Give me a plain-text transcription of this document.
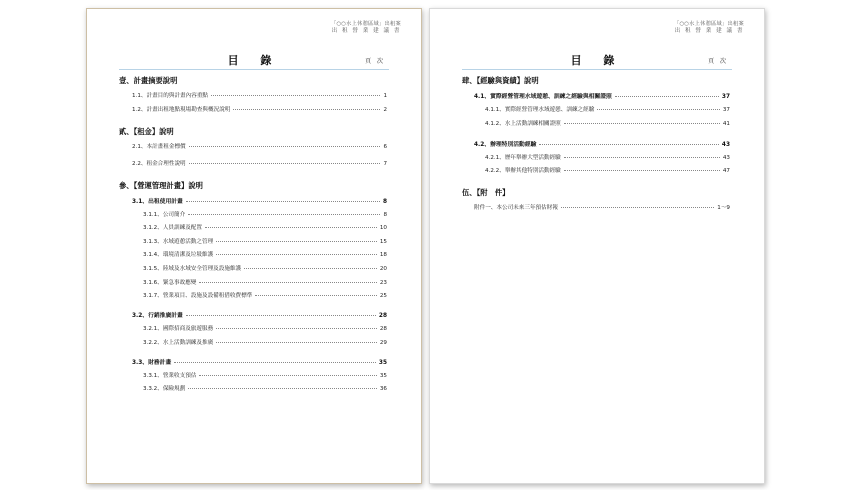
「○○水上休憩區域」出租案
出 租 營 業 建 議 書
目 錄	頁 次
壹、計畫摘要說明
1.1、計畫目的與計畫內容重點	1
1.2、計畫出租地點現場勘查與概況說明	2
貳、【租金】說明
2.1、本計畫租金標價	6
2.2、租金合理性說明	7
參、【營運管理計畫】說明
3.1、出租使用計畫	8
3.1.1、公司簡介	8
3.1.2、人員訓練及配置	10
3.1.3、水域遊憩活動之管理	15
3.1.4、環境清潔及垃圾維護	18
3.1.5、陸域及水域安全管理及設施維護	20
3.1.6、緊急事故應變	23
3.1.7、營業項目、設施及設備租借收費標準	25
3.2、行銷推廣計畫	28
3.2.1、國際招商及旅遊服務	28
3.2.2、水上活動訓練及推廣	29
3.3、財務計畫	35
3.3.1、營業收支預估	35
3.3.2、保險規劃	36
「○○水上休憩區域」出租案
出 租 營 業 建 議 書
目 錄	頁 次
肆、【經驗與資績】說明
4.1、實際經營管理水域遊憩、訓練之經驗與相關證照	37
4.1.1、實際經營管理水域遊憩、訓練之經驗	37
4.1.2、水上活動訓練相關證照	41
4.2、辦理特別活動經驗	43
4.2.1、歷年舉辦大型活動經驗	43
4.2.2、舉辦其他特別活動經驗	47
伍、【附　件】
附件一、本公司未來三年預估財報	1～9
